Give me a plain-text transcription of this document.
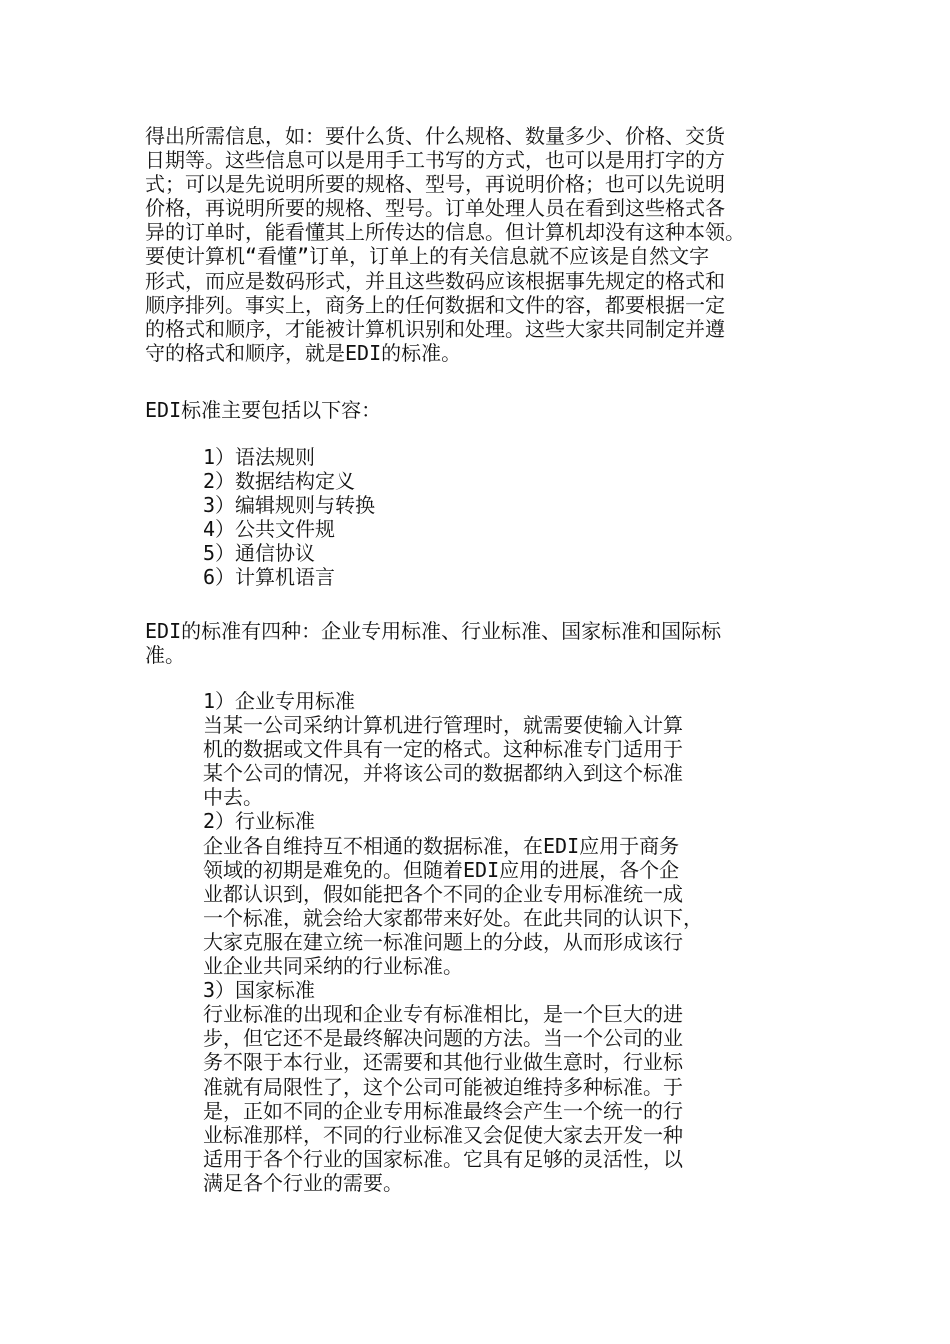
得出所需信息，如：要什么货、什么规格、数量多少、价格、交货
日期等。这些信息可以是用手工书写的方式，也可以是用打字的方
式；可以是先说明所要的规格、型号，再说明价格；也可以先说明
价格，再说明所要的规格、型号。订单处理人员在看到这些格式各
异的订单时，能看懂其上所传达的信息。但计算机却没有这种本领。
要使计算机“看懂”订单，订单上的有关信息就不应该是自然文字
形式，而应是数码形式，并且这些数码应该根据事先规定的格式和
顺序排列。事实上，商务上的任何数据和文件的容，都要根据一定
的格式和顺序，才能被计算机识别和处理。这些大家共同制定并遵
守的格式和顺序，就是EDI的标准。
EDI标准主要包括以下容：
1）语法规则
2）数据结构定义
3）编辑规则与转换
4）公共文件规
5）通信协议
6）计算机语言
EDI的标准有四种：企业专用标准、行业标准、国家标准和国际标
准。
1）企业专用标准
当某一公司采纳计算机进行管理时，就需要使输入计算
机的数据或文件具有一定的格式。这种标准专门适用于
某个公司的情况，并将该公司的数据都纳入到这个标准
中去。
2）行业标准
企业各自维持互不相通的数据标准，在EDI应用于商务
领域的初期是难免的。但随着EDI应用的进展，各个企
业都认识到，假如能把各个不同的企业专用标准统一成
一个标准，就会给大家都带来好处。在此共同的认识下，
大家克服在建立统一标准问题上的分歧，从而形成该行
业企业共同采纳的行业标准。
3）国家标准
行业标准的出现和企业专有标准相比，是一个巨大的进
步，但它还不是最终解决问题的方法。当一个公司的业
务不限于本行业，还需要和其他行业做生意时，行业标
准就有局限性了，这个公司可能被迫维持多种标准。于
是，正如不同的企业专用标准最终会产生一个统一的行
业标准那样，不同的行业标准又会促使大家去开发一种
适用于各个行业的国家标准。它具有足够的灵活性，以
满足各个行业的需要。
